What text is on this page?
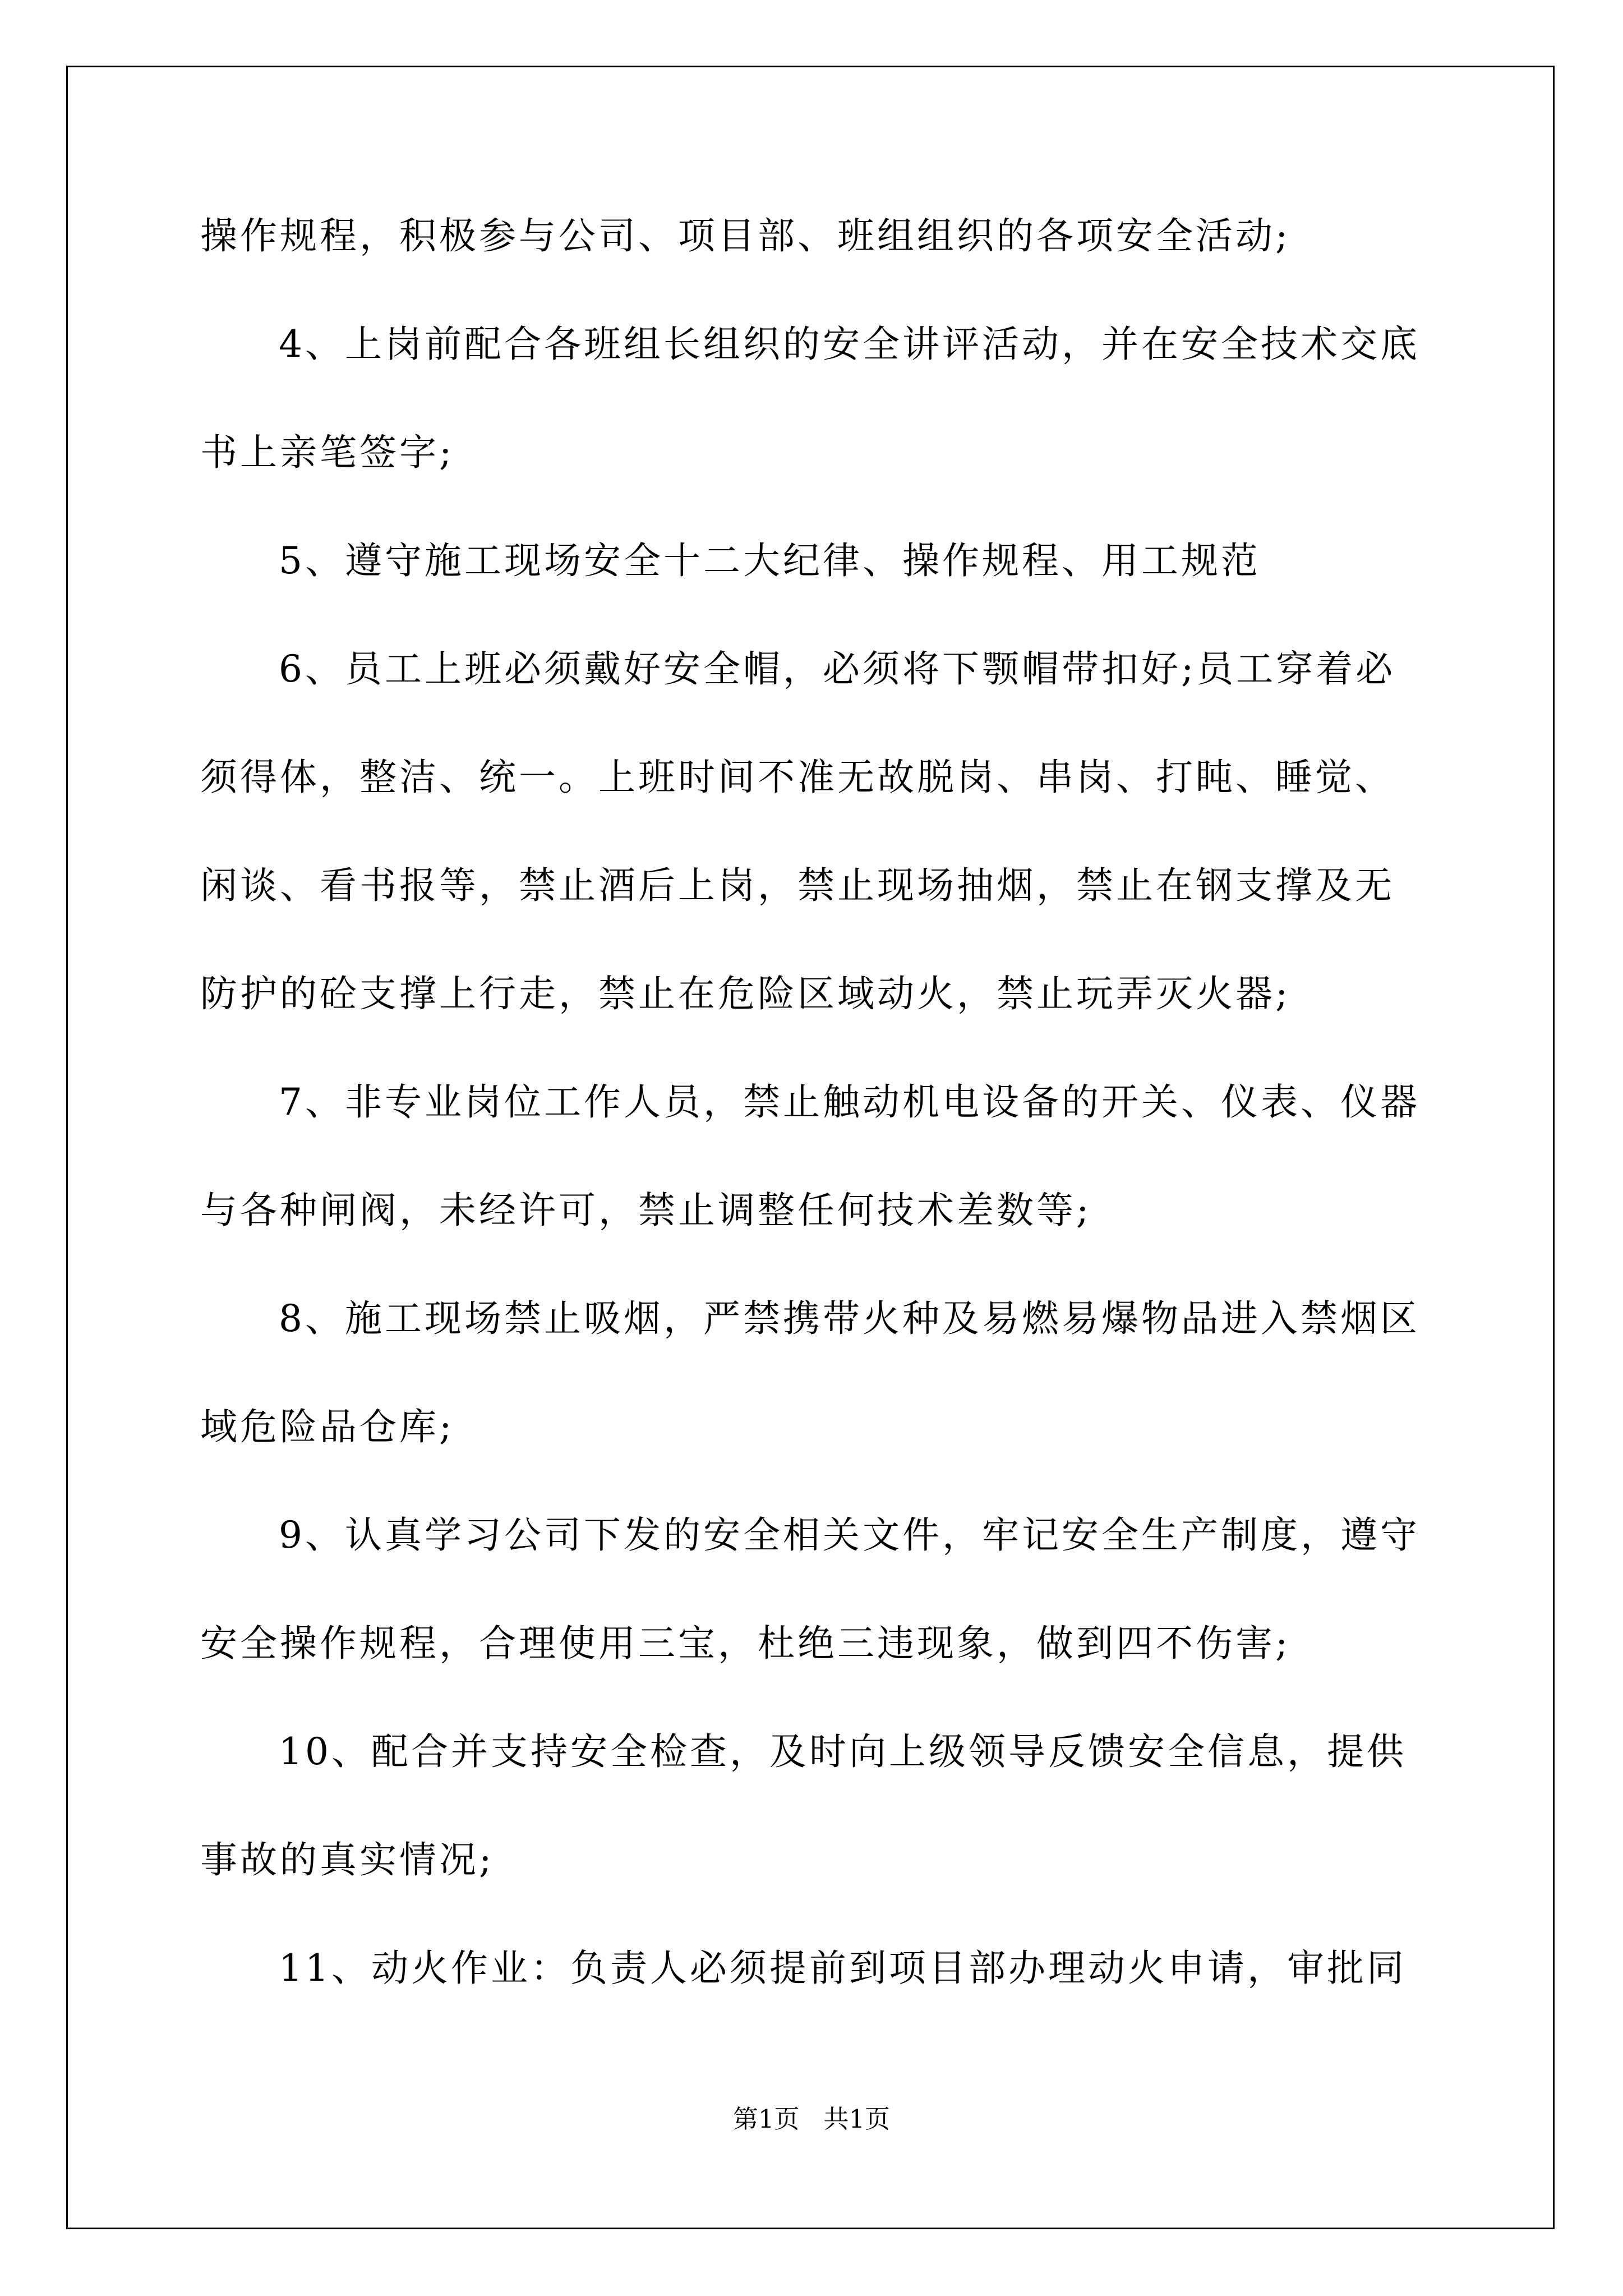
操作规程，积极参与公司、项目部、班组组织的各项安全活动;
4、上岗前配合各班组长组织的安全讲评活动，并在安全技术交底
书上亲笔签字;
5、遵守施工现场安全十二大纪律、操作规程、用工规范
6、员工上班必须戴好安全帽，必须将下颚帽带扣好;员工穿着必
须得体，整洁、统一。上班时间不准无故脱岗、串岗、打盹、睡觉、
闲谈、看书报等，禁止酒后上岗，禁止现场抽烟，禁止在钢支撑及无
防护的砼支撑上行走，禁止在危险区域动火，禁止玩弄灭火器;
7、非专业岗位工作人员，禁止触动机电设备的开关、仪表、仪器
与各种闸阀，未经许可，禁止调整任何技术差数等;
8、施工现场禁止吸烟，严禁携带火种及易燃易爆物品进入禁烟区
域危险品仓库;
9、认真学习公司下发的安全相关文件，牢记安全生产制度，遵守
安全操作规程，合理使用三宝，杜绝三违现象，做到四不伤害;
10、配合并支持安全检查，及时向上级领导反馈安全信息，提供
事故的真实情况;
11、动火作业：负责人必须提前到项目部办理动火申请，审批同
第1页   共1页
